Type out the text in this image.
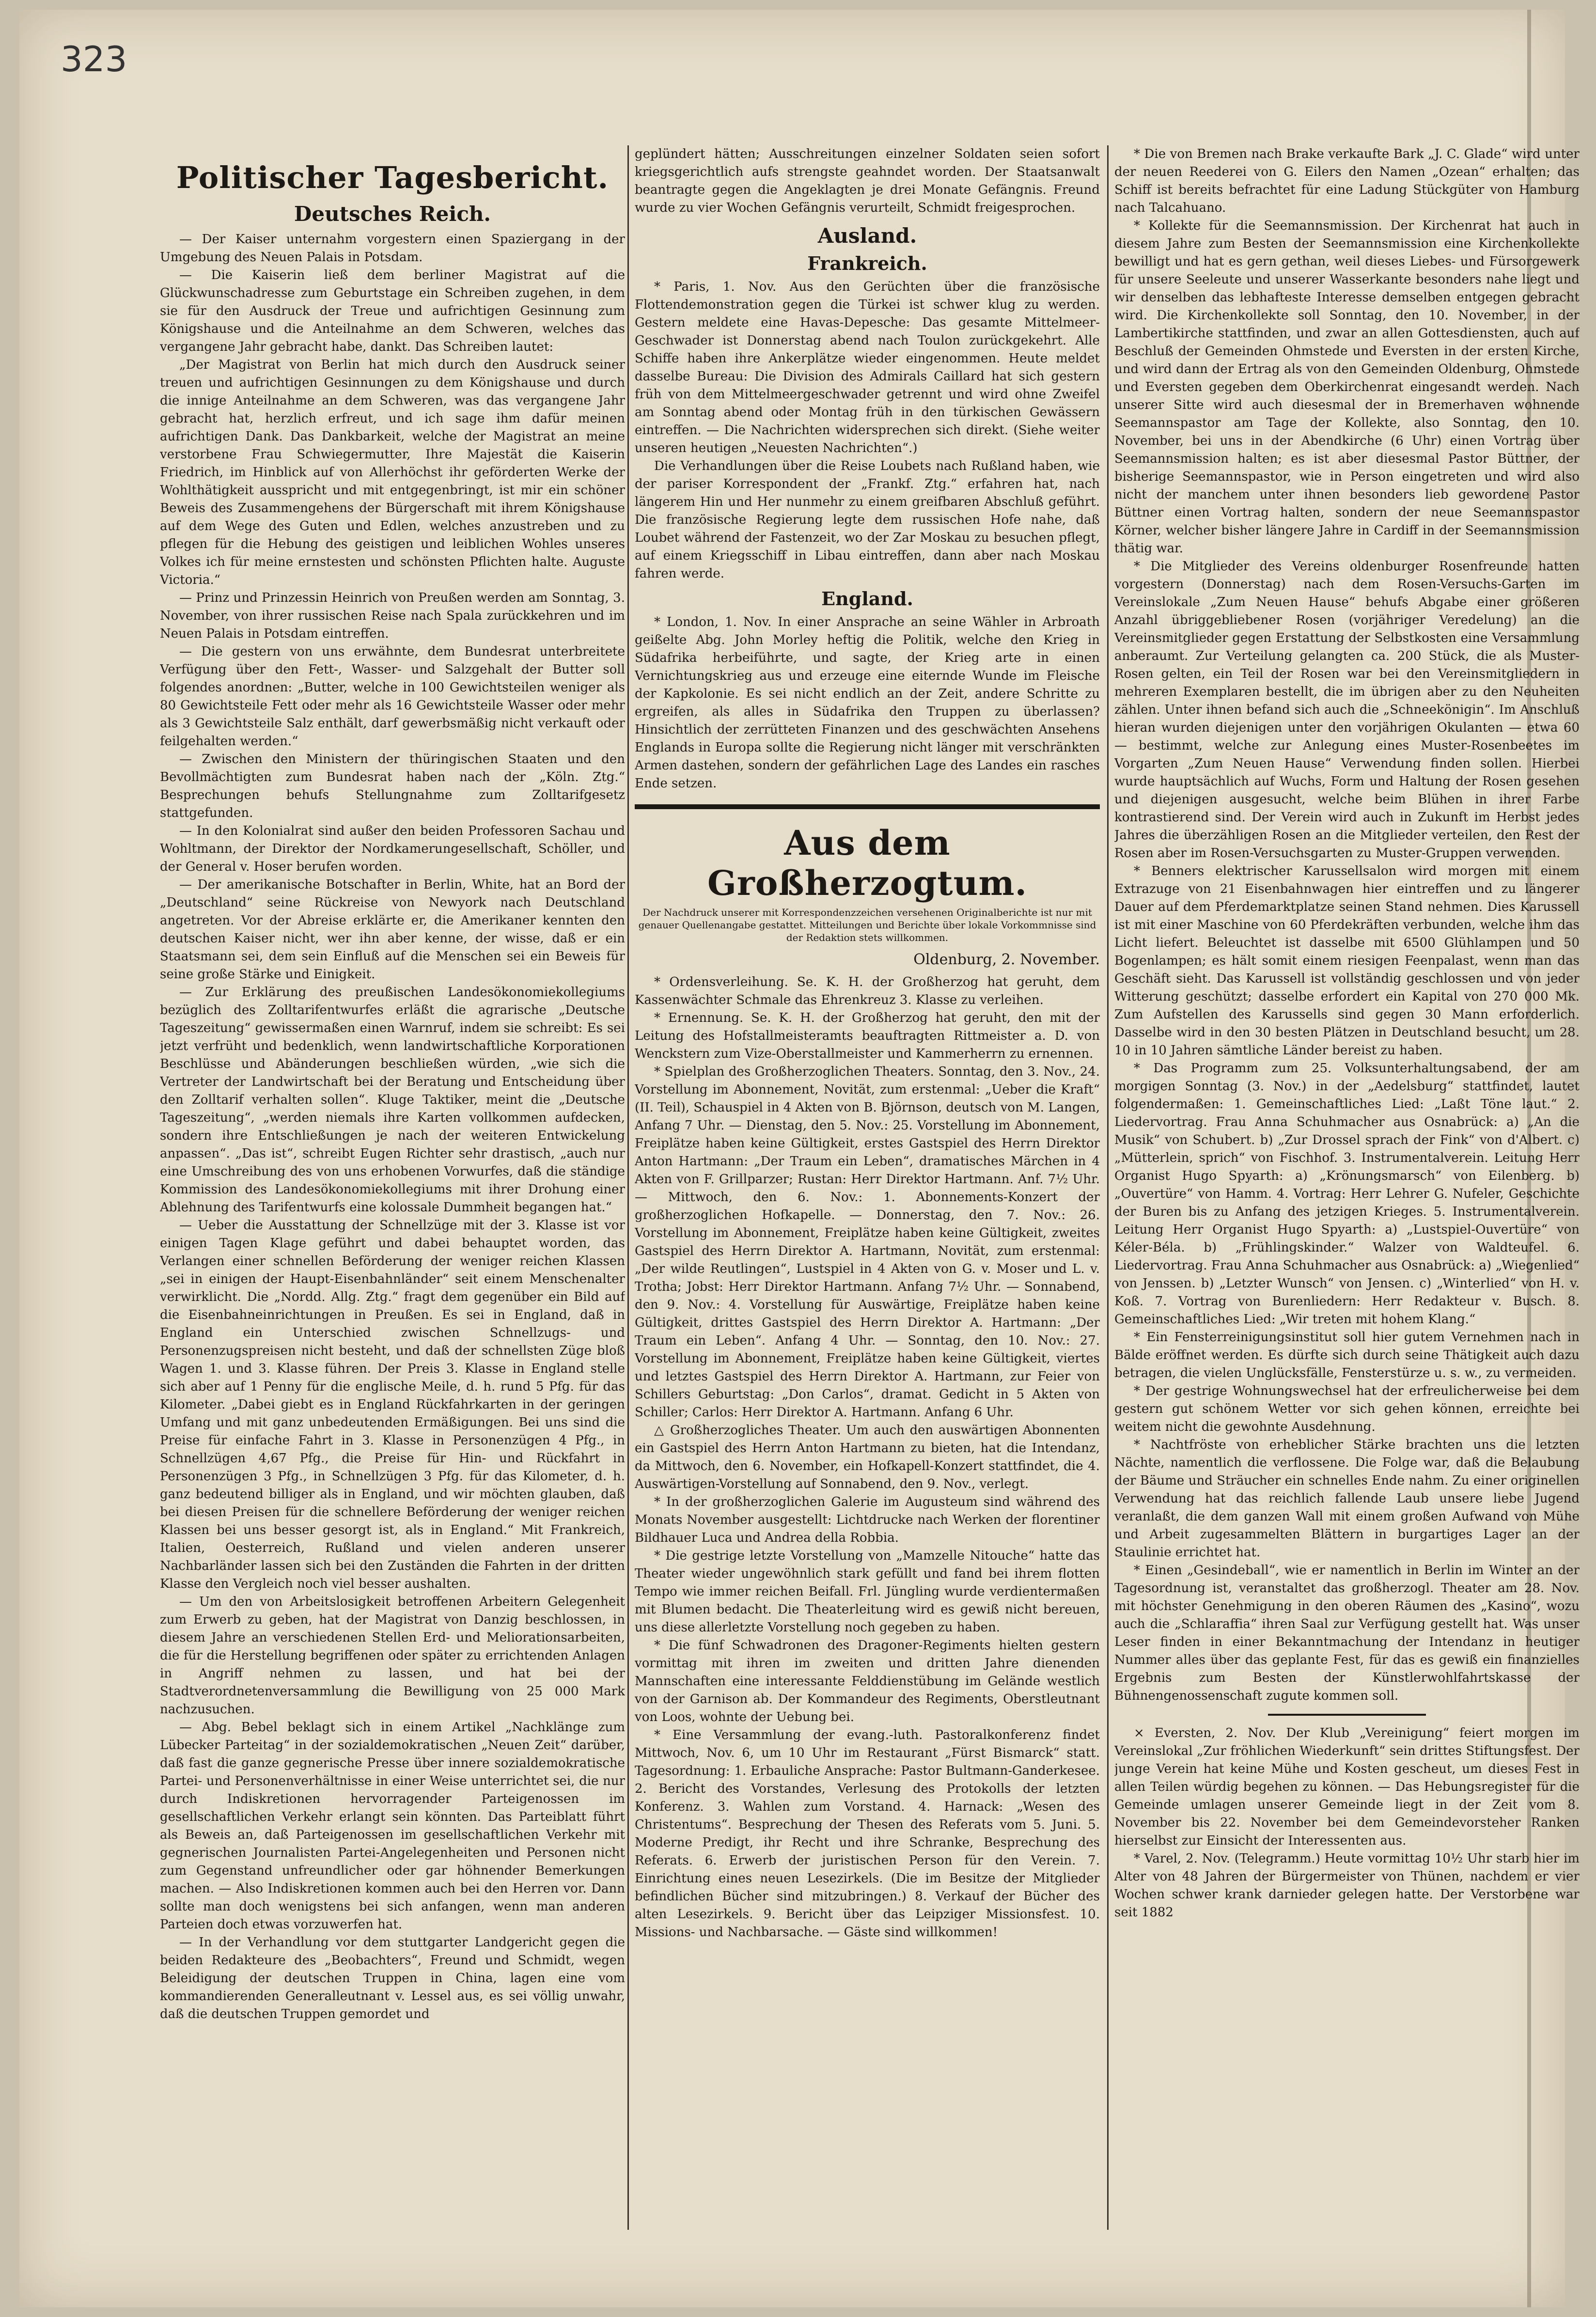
323
Politischer Tagesbericht.
Deutsches Reich.

— Der Kaiser unternahm vorgestern einen Spaziergang in der Umgebung des Neuen Palais in Potsdam.

— Die Kaiserin ließ dem berliner Magistrat auf die Glückwunschadresse zum Geburtstage ein Schreiben zugehen, in dem sie für den Ausdruck der Treue und aufrichtigen Gesinnung zum Königshause und die Anteilnahme an dem Schweren, welches das vergangene Jahr gebracht habe, dankt. Das Schreiben lautet:

„Der Magistrat von Berlin hat mich durch den Ausdruck seiner treuen und aufrichtigen Gesinnungen zu dem Königshause und durch die innige Anteilnahme an dem Schweren, was das vergangene Jahr gebracht hat, herzlich erfreut, und ich sage ihm dafür meinen aufrichtigen Dank. Das Dankbarkeit, welche der Magistrat an meine verstorbene Frau Schwiegermutter, Ihre Majestät die Kaiserin Friedrich, im Hinblick auf von Allerhöchst ihr geförderten Werke der Wohlthätigkeit ausspricht und mit entgegenbringt, ist mir ein schöner Beweis des Zusammengehens der Bürgerschaft mit ihrem Königshause auf dem Wege des Guten und Edlen, welches anzustreben und zu pflegen für die Hebung des geistigen und leiblichen Wohles unseres Volkes ich für meine ernstesten und schönsten Pflichten halte. Auguste Victoria.“

— Prinz und Prinzessin Heinrich von Preußen werden am Sonntag, 3. November, von ihrer russischen Reise nach Spala zurückkehren und im Neuen Palais in Potsdam eintreffen.

— Die gestern von uns erwähnte, dem Bundesrat unterbreitete Verfügung über den Fett-, Wasser- und Salzgehalt der Butter soll folgendes anordnen: „Butter, welche in 100 Gewichtsteilen weniger als 80 Gewichtsteile Fett oder mehr als 16 Gewichtsteile Wasser oder mehr als 3 Gewichtsteile Salz enthält, darf gewerbsmäßig nicht verkauft oder feilgehalten werden.“

— Zwischen den Ministern der thüringischen Staaten und den Bevollmächtigten zum Bundesrat haben nach der „Köln. Ztg.“ Besprechungen behufs Stellungnahme zum Zolltarifgesetz stattgefunden.

— In den Kolonialrat sind außer den beiden Professoren Sachau und Wohltmann, der Direktor der Nordkamerungesellschaft, Schöller, und der General v. Hoser berufen worden.

— Der amerikanische Botschafter in Berlin, White, hat an Bord der „Deutschland“ seine Rückreise von Newyork nach Deutschland angetreten. Vor der Abreise erklärte er, die Amerikaner kennten den deutschen Kaiser nicht, wer ihn aber kenne, der wisse, daß er ein Staatsmann sei, dem sein Einfluß auf die Menschen sei ein Beweis für seine große Stärke und Einigkeit.

— Zur Erklärung des preußischen Landesökonomiekollegiums bezüglich des Zolltarifentwurfes erläßt die agrarische „Deutsche Tageszeitung“ gewissermaßen einen Warnruf, indem sie schreibt: Es sei jetzt verfrüht und bedenklich, wenn landwirtschaftliche Korporationen Beschlüsse und Abänderungen beschließen würden, „wie sich die Vertreter der Landwirtschaft bei der Beratung und Entscheidung über den Zolltarif verhalten sollen“. Kluge Taktiker, meint die „Deutsche Tageszeitung“, „werden niemals ihre Karten vollkommen aufdecken, sondern ihre Entschließungen je nach der weiteren Entwickelung anpassen“. „Das ist“, schreibt Eugen Richter sehr drastisch, „auch nur eine Umschreibung des von uns erhobenen Vorwurfes, daß die ständige Kommission des Landesökonomiekollegiums mit ihrer Drohung einer Ablehnung des Tarifentwurfs eine kolossale Dummheit begangen hat.“

— Ueber die Ausstattung der Schnellzüge mit der 3. Klasse ist vor einigen Tagen Klage geführt und dabei behauptet worden, das Verlangen einer schnellen Beförderung der weniger reichen Klassen „sei in einigen der Haupt-Eisenbahnländer“ seit einem Menschenalter verwirklicht. Die „Nordd. Allg. Ztg.“ fragt dem gegenüber ein Bild auf die Eisenbahneinrichtungen in Preußen. Es sei in England, daß in England ein Unterschied zwischen Schnellzugs- und Personenzugspreisen nicht besteht, und daß der schnellsten Züge bloß Wagen 1. und 3. Klasse führen. Der Preis 3. Klasse in England stelle sich aber auf 1 Penny für die englische Meile, d. h. rund 5 Pfg. für das Kilometer. „Dabei giebt es in England Rückfahrkarten in der geringen Umfang und mit ganz unbedeutenden Ermäßigungen. Bei uns sind die Preise für einfache Fahrt in 3. Klasse in Personenzügen 4 Pfg., in Schnellzügen 4,67 Pfg., die Preise für Hin- und Rückfahrt in Personenzügen 3 Pfg., in Schnellzügen 3 Pfg. für das Kilometer, d. h. ganz bedeutend billiger als in England, und wir möchten glauben, daß bei diesen Preisen für die schnellere Beförderung der weniger reichen Klassen bei uns besser gesorgt ist, als in England.“ Mit Frankreich, Italien, Oesterreich, Rußland und vielen anderen unserer Nachbarländer lassen sich bei den Zuständen die Fahrten in der dritten Klasse den Vergleich noch viel besser aushalten.

— Um den von Arbeitslosigkeit betroffenen Arbeitern Gelegenheit zum Erwerb zu geben, hat der Magistrat von Danzig beschlossen, in diesem Jahre an verschiedenen Stellen Erd- und Meliorationsarbeiten, die für die Herstellung begriffenen oder später zu errichtenden Anlagen in Angriff nehmen zu lassen, und hat bei der Stadtverordnetenversammlung die Bewilligung von 25 000 Mark nachzusuchen.

— Abg. Bebel beklagt sich in einem Artikel „Nachklänge zum Lübecker Parteitag“ in der sozialdemokratischen „Neuen Zeit“ darüber, daß fast die ganze gegnerische Presse über innere sozialdemokratische Partei- und Personenverhältnisse in einer Weise unterrichtet sei, die nur durch Indiskretionen hervorragender Parteigenossen im gesellschaftlichen Verkehr erlangt sein könnten. Das Parteiblatt führt als Beweis an, daß Parteigenossen im gesellschaftlichen Verkehr mit gegnerischen Journalisten Partei-Angelegenheiten und Personen nicht zum Gegenstand unfreundlicher oder gar höhnender Bemerkungen machen. — Also Indiskretionen kommen auch bei den Herren vor. Dann sollte man doch wenigstens bei sich anfangen, wenn man anderen Parteien doch etwas vorzuwerfen hat.

— In der Verhandlung vor dem stuttgarter Landgericht gegen die beiden Redakteure des „Beobachters“, Freund und Schmidt, wegen Beleidigung der deutschen Truppen in China, lagen eine vom kommandierenden Generalleutnant v. Lessel aus, es sei völlig unwahr, daß die deutschen Truppen gemordet und

geplündert hätten; Ausschreitungen einzelner Soldaten seien sofort kriegsgerichtlich aufs strengste geahndet worden. Der Staatsanwalt beantragte gegen die Angeklagten je drei Monate Gefängnis. Freund wurde zu vier Wochen Gefängnis verurteilt, Schmidt freigesprochen.

Ausland.
Frankreich.

* Paris, 1. Nov. Aus den Gerüchten über die französische Flottendemonstration gegen die Türkei ist schwer klug zu werden. Gestern meldete eine Havas-Depesche: Das gesamte Mittelmeer-Geschwader ist Donnerstag abend nach Toulon zurückgekehrt. Alle Schiffe haben ihre Ankerplätze wieder eingenommen. Heute meldet dasselbe Bureau: Die Division des Admirals Caillard hat sich gestern früh von dem Mittelmeergeschwader getrennt und wird ohne Zweifel am Sonntag abend oder Montag früh in den türkischen Gewässern eintreffen. — Die Nachrichten widersprechen sich direkt. (Siehe weiter unseren heutigen „Neuesten Nachrichten“.)

Die Verhandlungen über die Reise Loubets nach Rußland haben, wie der pariser Korrespondent der „Frankf. Ztg.“ erfahren hat, nach längerem Hin und Her nunmehr zu einem greifbaren Abschluß geführt. Die französische Regierung legte dem russischen Hofe nahe, daß Loubet während der Fastenzeit, wo der Zar Moskau zu besuchen pflegt, auf einem Kriegsschiff in Libau eintreffen, dann aber nach Moskau fahren werde.

England.

* London, 1. Nov. In einer Ansprache an seine Wähler in Arbroath geißelte Abg. John Morley heftig die Politik, welche den Krieg in Südafrika herbeiführte, und sagte, der Krieg arte in einen Vernichtungskrieg aus und erzeuge eine eiternde Wunde im Fleische der Kapkolonie. Es sei nicht endlich an der Zeit, andere Schritte zu ergreifen, als alles in Südafrika den Truppen zu überlassen? Hinsichtlich der zerrütteten Finanzen und des geschwächten Ansehens Englands in Europa sollte die Regierung nicht länger mit verschränkten Armen dastehen, sondern der gefährlichen Lage des Landes ein rasches Ende setzen.

Aus dem Großherzogtum.

Der Nachdruck unserer mit Korrespondenzzeichen versehenen Originalberichte ist nur mit genauer Quellenangabe gestattet. Mitteilungen und Berichte über lokale Vorkommnisse sind der Redaktion stets willkommen.

Oldenburg, 2. November.

* Ordensverleihung. Se. K. H. der Großherzog hat geruht, dem Kassenwächter Schmale das Ehrenkreuz 3. Klasse zu verleihen.

* Ernennung. Se. K. H. der Großherzog hat geruht, den mit der Leitung des Hofstallmeisteramts beauftragten Rittmeister a. D. von Wenckstern zum Vize-Oberstallmeister und Kammerherrn zu ernennen.

* Spielplan des Großherzoglichen Theaters. Sonntag, den 3. Nov., 24. Vorstellung im Abonnement, Novität, zum erstenmal: „Ueber die Kraft“ (II. Teil), Schauspiel in 4 Akten von B. Björnson, deutsch von M. Langen, Anfang 7 Uhr. — Dienstag, den 5. Nov.: 25. Vorstellung im Abonnement, Freiplätze haben keine Gültigkeit, erstes Gastspiel des Herrn Direktor Anton Hartmann: „Der Traum ein Leben“, dramatisches Märchen in 4 Akten von F. Grillparzer; Rustan: Herr Direktor Hartmann. Anf. 7½ Uhr. — Mittwoch, den 6. Nov.: 1. Abonnements-Konzert der großherzoglichen Hofkapelle. — Donnerstag, den 7. Nov.: 26. Vorstellung im Abonnement, Freiplätze haben keine Gültigkeit, zweites Gastspiel des Herrn Direktor A. Hartmann, Novität, zum erstenmal: „Der wilde Reutlingen“, Lustspiel in 4 Akten von G. v. Moser und L. v. Trotha; Jobst: Herr Direktor Hartmann. Anfang 7½ Uhr. — Sonnabend, den 9. Nov.: 4. Vorstellung für Auswärtige, Freiplätze haben keine Gültigkeit, drittes Gastspiel des Herrn Direktor A. Hartmann: „Der Traum ein Leben“. Anfang 4 Uhr. — Sonntag, den 10. Nov.: 27. Vorstellung im Abonnement, Freiplätze haben keine Gültigkeit, viertes und letztes Gastspiel des Herrn Direktor A. Hartmann, zur Feier von Schillers Geburtstag: „Don Carlos“, dramat. Gedicht in 5 Akten von Schiller; Carlos: Herr Direktor A. Hartmann. Anfang 6 Uhr.

△ Großherzogliches Theater. Um auch den auswärtigen Abonnenten ein Gastspiel des Herrn Anton Hartmann zu bieten, hat die Intendanz, da Mittwoch, den 6. November, ein Hofkapell-Konzert stattfindet, die 4. Auswärtigen-Vorstellung auf Sonnabend, den 9. Nov., verlegt.

* In der großherzoglichen Galerie im Augusteum sind während des Monats November ausgestellt: Lichtdrucke nach Werken der florentiner Bildhauer Luca und Andrea della Robbia.

* Die gestrige letzte Vorstellung von „Mamzelle Nitouche“ hatte das Theater wieder ungewöhnlich stark gefüllt und fand bei ihrem flotten Tempo wie immer reichen Beifall. Frl. Jüngling wurde verdientermaßen mit Blumen bedacht. Die Theaterleitung wird es gewiß nicht bereuen, uns diese allerletzte Vorstellung noch gegeben zu haben.

* Die fünf Schwadronen des Dragoner-Regiments hielten gestern vormittag mit ihren im zweiten und dritten Jahre dienenden Mannschaften eine interessante Felddienstübung im Gelände westlich von der Garnison ab. Der Kommandeur des Regiments, Oberstleutnant von Loos, wohnte der Uebung bei.

* Eine Versammlung der evang.-luth. Pastoralkonferenz findet Mittwoch, Nov. 6, um 10 Uhr im Restaurant „Fürst Bismarck“ statt. Tagesordnung: 1. Erbauliche Ansprache: Pastor Bultmann-Ganderkesee. 2. Bericht des Vorstandes, Verlesung des Protokolls der letzten Konferenz. 3. Wahlen zum Vorstand. 4. Harnack: „Wesen des Christentums“. Besprechung der Thesen des Referats vom 5. Juni. 5. Moderne Predigt, ihr Recht und ihre Schranke, Besprechung des Referats. 6. Erwerb der juristischen Person für den Verein. 7. Einrichtung eines neuen Lesezirkels. (Die im Besitze der Mitglieder befindlichen Bücher sind mitzubringen.) 8. Verkauf der Bücher des alten Lesezirkels. 9. Bericht über das Leipziger Missionsfest. 10. Missions- und Nachbarsache. — Gäste sind willkommen!

* Die von Bremen nach Brake verkaufte Bark „J. C. Glade“ wird unter der neuen Reederei von G. Eilers den Namen „Ozean“ erhalten; das Schiff ist bereits befrachtet für eine Ladung Stückgüter von Hamburg nach Talcahuano.

* Kollekte für die Seemannsmission. Der Kirchenrat hat auch in diesem Jahre zum Besten der Seemannsmission eine Kirchenkollekte bewilligt und hat es gern gethan, weil dieses Liebes- und Fürsorgewerk für unsere Seeleute und unserer Wasserkante besonders nahe liegt und wir denselben das lebhafteste Interesse demselben entgegen gebracht wird. Die Kirchenkollekte soll Sonntag, den 10. November, in der Lambertikirche stattfinden, und zwar an allen Gottesdiensten, auch auf Beschluß der Gemeinden Ohmstede und Eversten in der ersten Kirche, und wird dann der Ertrag als von den Gemeinden Oldenburg, Ohmstede und Eversten gegeben dem Oberkirchenrat eingesandt werden. Nach unserer Sitte wird auch diesesmal der in Bremerhaven wohnende Seemannspastor am Tage der Kollekte, also Sonntag, den 10. November, bei uns in der Abendkirche (6 Uhr) einen Vortrag über Seemannsmission halten; es ist aber diesesmal Pastor Büttner, der bisherige Seemannspastor, wie in Person eingetreten und wird also nicht der manchem unter ihnen besonders lieb gewordene Pastor Büttner einen Vortrag halten, sondern der neue Seemannspastor Körner, welcher bisher längere Jahre in Cardiff in der Seemannsmission thätig war.

* Die Mitglieder des Vereins oldenburger Rosenfreunde hatten vorgestern (Donnerstag) nach dem Rosen-Versuchs-Garten im Vereinslokale „Zum Neuen Hause“ behufs Abgabe einer größeren Anzahl übriggebliebener Rosen (vorjähriger Veredelung) an die Vereinsmitglieder gegen Erstattung der Selbstkosten eine Versammlung anberaumt. Zur Verteilung gelangten ca. 200 Stück, die als Muster-Rosen gelten, ein Teil der Rosen war bei den Vereinsmitgliedern in mehreren Exemplaren bestellt, die im übrigen aber zu den Neuheiten zählen. Unter ihnen befand sich auch die „Schneekönigin“. Im Anschluß hieran wurden diejenigen unter den vorjährigen Okulanten — etwa 60 — bestimmt, welche zur Anlegung eines Muster-Rosenbeetes im Vorgarten „Zum Neuen Hause“ Verwendung finden sollen. Hierbei wurde hauptsächlich auf Wuchs, Form und Haltung der Rosen gesehen und diejenigen ausgesucht, welche beim Blühen in ihrer Farbe kontrastierend sind. Der Verein wird auch in Zukunft im Herbst jedes Jahres die überzähligen Rosen an die Mitglieder verteilen, den Rest der Rosen aber im Rosen-Versuchsgarten zu Muster-Gruppen verwenden.

* Benners elektrischer Karussellsalon wird morgen mit einem Extrazuge von 21 Eisenbahnwagen hier eintreffen und zu längerer Dauer auf dem Pferdemarktplatze seinen Stand nehmen. Dies Karussell ist mit einer Maschine von 60 Pferdekräften verbunden, welche ihm das Licht liefert. Beleuchtet ist dasselbe mit 6500 Glühlampen und 50 Bogenlampen; es hält somit einem riesigen Feenpalast, wenn man das Geschäft sieht. Das Karussell ist vollständig geschlossen und von jeder Witterung geschützt; dasselbe erfordert ein Kapital von 270 000 Mk. Zum Aufstellen des Karussells sind gegen 30 Mann erforderlich. Dasselbe wird in den 30 besten Plätzen in Deutschland besucht, um 28. 10 in 10 Jahren sämtliche Länder bereist zu haben.

* Das Programm zum 25. Volksunterhaltungsabend, der am morgigen Sonntag (3. Nov.) in der „Aedelsburg“ stattfindet, lautet folgendermaßen: 1. Gemeinschaftliches Lied: „Laßt Töne laut.“ 2. Liedervortrag. Frau Anna Schuhmacher aus Osnabrück: a) „An die Musik“ von Schubert. b) „Zur Drossel sprach der Fink“ von d'Albert. c) „Mütterlein, sprich“ von Fischhof. 3. Instrumentalverein. Leitung Herr Organist Hugo Spyarth: a) „Krönungsmarsch“ von Eilenberg. b) „Ouvertüre“ von Hamm. 4. Vortrag: Herr Lehrer G. Nufeler, Geschichte der Buren bis zu Anfang des jetzigen Krieges. 5. Instrumentalverein. Leitung Herr Organist Hugo Spyarth: a) „Lustspiel-Ouvertüre“ von Kéler-Béla. b) „Frühlingskinder.“ Walzer von Waldteufel. 6. Liedervortrag. Frau Anna Schuhmacher aus Osnabrück: a) „Wiegenlied“ von Jenssen. b) „Letzter Wunsch“ von Jensen. c) „Winterlied“ von H. v. Koß. 7. Vortrag von Burenliedern: Herr Redakteur v. Busch. 8. Gemeinschaftliches Lied: „Wir treten mit hohem Klang.“

* Ein Fensterreinigungsinstitut soll hier gutem Vernehmen nach in Bälde eröffnet werden. Es dürfte sich durch seine Thätigkeit auch dazu betragen, die vielen Unglücksfälle, Fensterstürze u. s. w., zu vermeiden.

* Der gestrige Wohnungswechsel hat der erfreulicherweise bei dem gestern gut schönem Wetter vor sich gehen können, erreichte bei weitem nicht die gewohnte Ausdehnung.

* Nachtfröste von erheblicher Stärke brachten uns die letzten Nächte, namentlich die verflossene. Die Folge war, daß die Belaubung der Bäume und Sträucher ein schnelles Ende nahm. Zu einer originellen Verwendung hat das reichlich fallende Laub unsere liebe Jugend veranlaßt, die dem ganzen Wall mit einem großen Aufwand von Mühe und Arbeit zugesammelten Blättern in burgartiges Lager an der Staulinie errichtet hat.

* Einen „Gesindeball“, wie er namentlich in Berlin im Winter an der Tagesordnung ist, veranstaltet das großherzogl. Theater am 28. Nov. mit höchster Genehmigung in den oberen Räumen des „Kasino“, wozu auch die „Schlaraffia“ ihren Saal zur Verfügung gestellt hat. Was unser Leser finden in einer Bekanntmachung der Intendanz in heutiger Nummer alles über das geplante Fest, für das es gewiß ein finanzielles Ergebnis zum Besten der Künstlerwohlfahrtskasse der Bühnengenossenschaft zugute kommen soll.

× Eversten, 2. Nov. Der Klub „Vereinigung“ feiert morgen im Vereinslokal „Zur fröhlichen Wiederkunft“ sein drittes Stiftungsfest. Der junge Verein hat keine Mühe und Kosten gescheut, um dieses Fest in allen Teilen würdig begehen zu können. — Das Hebungsregister für die Gemeinde umlagen unserer Gemeinde liegt in der Zeit vom 8. November bis 22. November bei dem Gemeindevorsteher Ranken hierselbst zur Einsicht der Interessenten aus.

* Varel, 2. Nov. (Telegramm.) Heute vormittag 10½ Uhr starb hier im Alter von 48 Jahren der Bürgermeister von Thünen, nachdem er vier Wochen schwer krank darnieder gelegen hatte. Der Verstorbene war seit 1882
